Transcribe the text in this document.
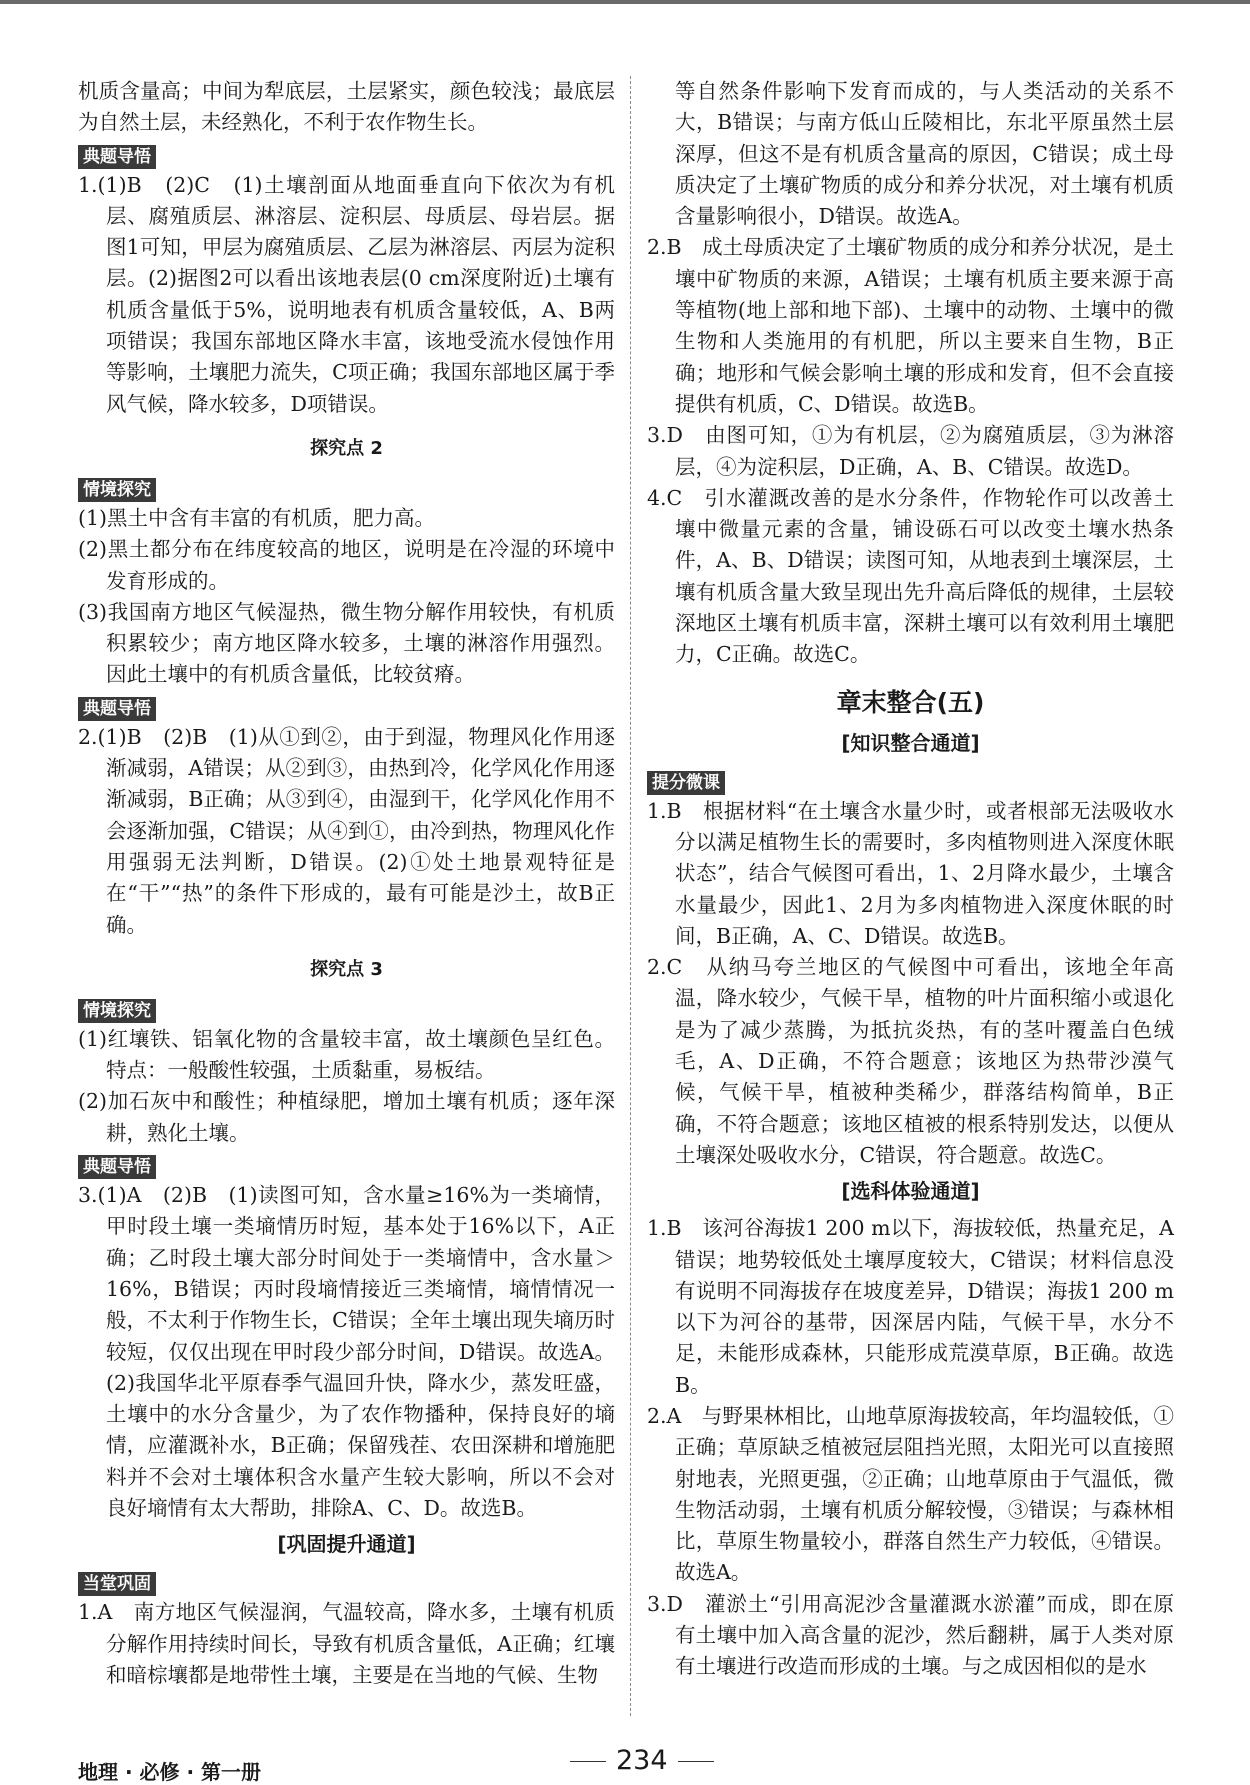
机质含量高；中间为犁底层，土层紧实，颜色较浅；最底层为自然土层，未经熟化，不利于农作物生长。

典题导悟

1.(1)B　(2)C　(1)土壤剖面从地面垂直向下依次为有机层、腐殖质层、淋溶层、淀积层、母质层、母岩层。据图1可知，甲层为腐殖质层、乙层为淋溶层、丙层为淀积层。(2)据图2可以看出该地表层(0 cm深度附近)土壤有机质含量低于5%，说明地表有机质含量较低，A、B两项错误；我国东部地区降水丰富，该地受流水侵蚀作用等影响，土壤肥力流失，C项正确；我国东部地区属于季风气候，降水较多，D项错误。

探究点 2
情境探究

(1)黑土中含有丰富的有机质，肥力高。

(2)黑土都分布在纬度较高的地区，说明是在冷湿的环境中发育形成的。

(3)我国南方地区气候湿热，微生物分解作用较快，有机质积累较少；南方地区降水较多，土壤的淋溶作用强烈。因此土壤中的有机质含量低，比较贫瘠。

典题导悟

2.(1)B　(2)B　(1)从①到②，由于到湿，物理风化作用逐渐减弱，A错误；从②到③，由热到冷，化学风化作用逐渐减弱，B正确；从③到④，由湿到干，化学风化作用不会逐渐加强，C错误；从④到①，由冷到热，物理风化作用强弱无法判断，D错误。(2)①处土地景观特征是在“干”“热”的条件下形成的，最有可能是沙土，故B正确。

探究点 3
情境探究

(1)红壤铁、铝氧化物的含量较丰富，故土壤颜色呈红色。特点：一般酸性较强，土质黏重，易板结。

(2)加石灰中和酸性；种植绿肥，增加土壤有机质；逐年深耕，熟化土壤。

典题导悟

3.(1)A　(2)B　(1)读图可知，含水量≥16%为一类墒情，甲时段土壤一类墒情历时短，基本处于16%以下，A正确；乙时段土壤大部分时间处于一类墒情中，含水量＞16%，B错误；丙时段墒情接近三类墒情，墒情情况一般，不太利于作物生长，C错误；全年土壤出现失墒历时较短，仅仅出现在甲时段少部分时间，D错误。故选A。(2)我国华北平原春季气温回升快，降水少，蒸发旺盛，土壤中的水分含量少，为了农作物播种，保持良好的墒情，应灌溉补水，B正确；保留残茬、农田深耕和增施肥料并不会对土壤体积含水量产生较大影响，所以不会对良好墒情有太大帮助，排除A、C、D。故选B。

[巩固提升通道]
当堂巩固

1.A　南方地区气候湿润，气温较高，降水多，土壤有机质分解作用持续时间长，导致有机质含量低，A正确；红壤和暗棕壤都是地带性土壤，主要是在当地的气候、生物

等自然条件影响下发育而成的，与人类活动的关系不大，B错误；与南方低山丘陵相比，东北平原虽然土层深厚，但这不是有机质含量高的原因，C错误；成土母质决定了土壤矿物质的成分和养分状况，对土壤有机质含量影响很小，D错误。故选A。

2.B　成土母质决定了土壤矿物质的成分和养分状况，是土壤中矿物质的来源，A错误；土壤有机质主要来源于高等植物(地上部和地下部)、土壤中的动物、土壤中的微生物和人类施用的有机肥，所以主要来自生物，B正确；地形和气候会影响土壤的形成和发育，但不会直接提供有机质，C、D错误。故选B。

3.D　由图可知，①为有机层，②为腐殖质层，③为淋溶层，④为淀积层，D正确，A、B、C错误。故选D。

4.C　引水灌溉改善的是水分条件，作物轮作可以改善土壤中微量元素的含量，铺设砾石可以改变土壤水热条件，A、B、D错误；读图可知，从地表到土壤深层，土壤有机质含量大致呈现出先升高后降低的规律，土层较深地区土壤有机质丰富，深耕土壤可以有效利用土壤肥力，C正确。故选C。

章末整合(五)
[知识整合通道]
提分微课

1.B　根据材料“在土壤含水量少时，或者根部无法吸收水分以满足植物生长的需要时，多肉植物则进入深度休眠状态”，结合气候图可看出，1、2月降水最少，土壤含水量最少，因此1、2月为多肉植物进入深度休眠的时间，B正确，A、C、D错误。故选B。

2.C　从纳马夸兰地区的气候图中可看出，该地全年高温，降水较少，气候干旱，植物的叶片面积缩小或退化是为了减少蒸腾，为抵抗炎热，有的茎叶覆盖白色绒毛，A、D正确，不符合题意；该地区为热带沙漠气候，气候干旱，植被种类稀少，群落结构简单，B正确，不符合题意；该地区植被的根系特别发达，以便从土壤深处吸收水分，C错误，符合题意。故选C。

[选科体验通道]

1.B　该河谷海拔1 200 m以下，海拔较低，热量充足，A错误；地势较低处土壤厚度较大，C错误；材料信息没有说明不同海拔存在坡度差异，D错误；海拔1 200 m以下为河谷的基带，因深居内陆，气候干旱，水分不足，未能形成森林，只能形成荒漠草原，B正确。故选B。

2.A　与野果林相比，山地草原海拔较高，年均温较低，①正确；草原缺乏植被冠层阻挡光照，太阳光可以直接照射地表，光照更强，②正确；山地草原由于气温低，微生物活动弱，土壤有机质分解较慢，③错误；与森林相比，草原生物量较小，群落自然生产力较低，④错误。故选A。

3.D　灌淤土“引用高泥沙含量灌溉水淤灌”而成，即在原有土壤中加入高含量的泥沙，然后翻耕，属于人类对原有土壤进行改造而形成的土壤。与之成因相似的是水

地理 · 必修 · 第一册	234
